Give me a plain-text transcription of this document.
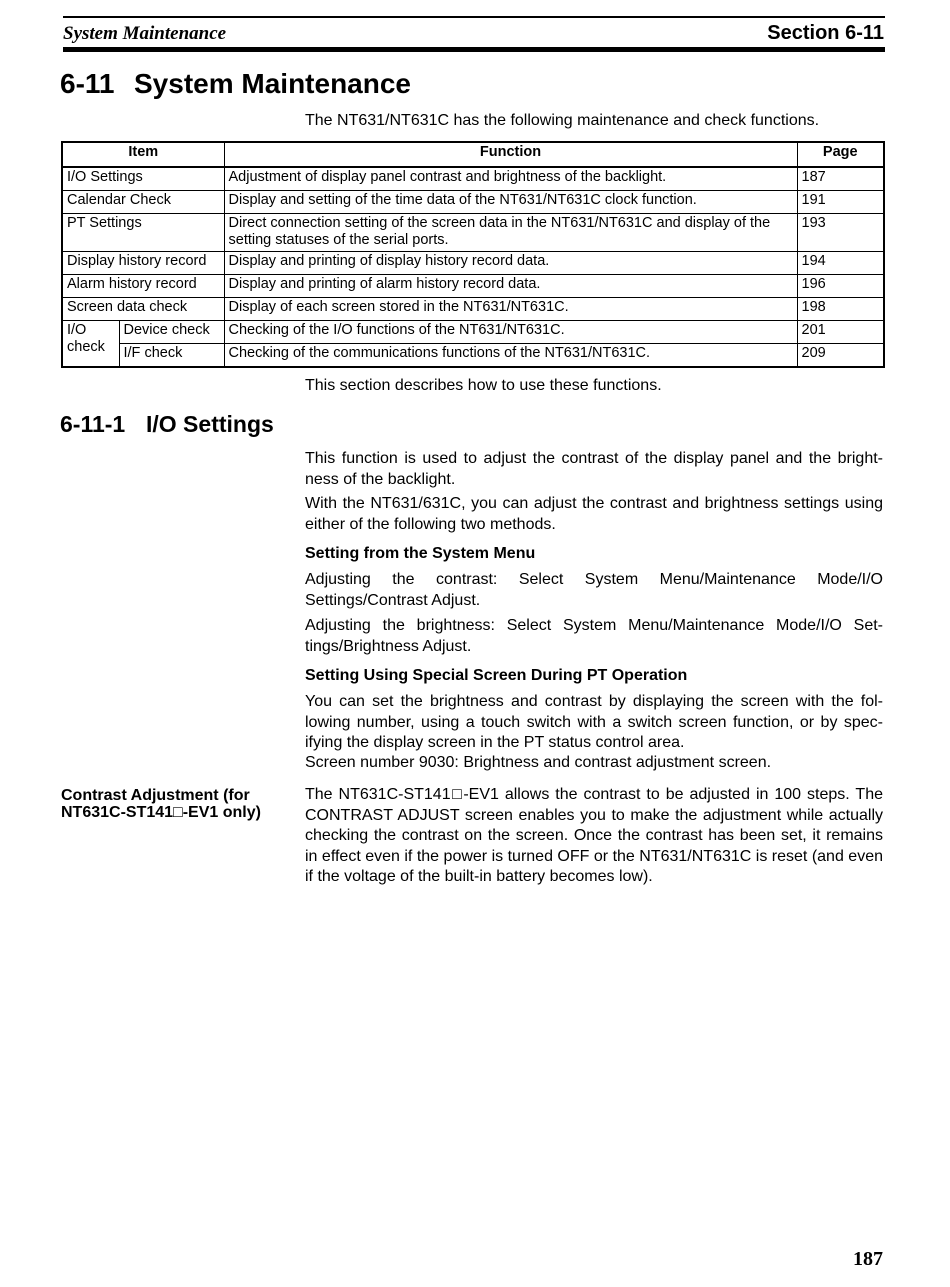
System Maintenance	Section 6-11
6-11 System Maintenance
The NT631/NT631C has the following maintenance and check functions.
Item		Function	Page
I/O Settings		Adjustment of display panel contrast and brightness of the backlight.	187
Calendar Check		Display and setting of the time data of the NT631/NT631C clock function.	191
PT Settings		Direct connection setting of the screen data in the NT631/NT631C and display of the setting statuses of the serial ports.	193
Display history record		Display and printing of display history record data.	194
Alarm history record		Display and printing of alarm history record data.	196
Screen data check		Display of each screen stored in the NT631/NT631C.	198
I/O check	Device check	Checking of the I/O functions of the NT631/NT631C.	201
	I/F check	Checking of the communications functions of the NT631/NT631C.	209
This section describes how to use these functions.
6-11-1 I/O Settings
This function is used to adjust the contrast of the display panel and the bright-ness of the backlight.
With the NT631/631C, you can adjust the contrast and brightness settings using either of the following two methods.
Setting from the System Menu
Adjusting the contrast: Select System Menu/Maintenance Mode/I/O Settings/Contrast Adjust.
Adjusting the brightness: Select System Menu/Maintenance Mode/I/O Set-tings/Brightness Adjust.
Setting Using Special Screen During PT Operation
You can set the brightness and contrast by displaying the screen with the fol-lowing number, using a touch switch with a switch screen function, or by spec-ifying the display screen in the PT status control area.
Screen number 9030: Brightness and contrast adjustment screen.
Contrast Adjustment (for NT631C-ST141□-EV1 only)
The NT631C-ST141□-EV1 allows the contrast to be adjusted in 100 steps. The CONTRAST ADJUST screen enables you to make the adjustment while actually checking the contrast on the screen. Once the contrast has been set, it remains in effect even if the power is turned OFF or the NT631/NT631C is reset (and even if the voltage of the built-in battery becomes low).
187
